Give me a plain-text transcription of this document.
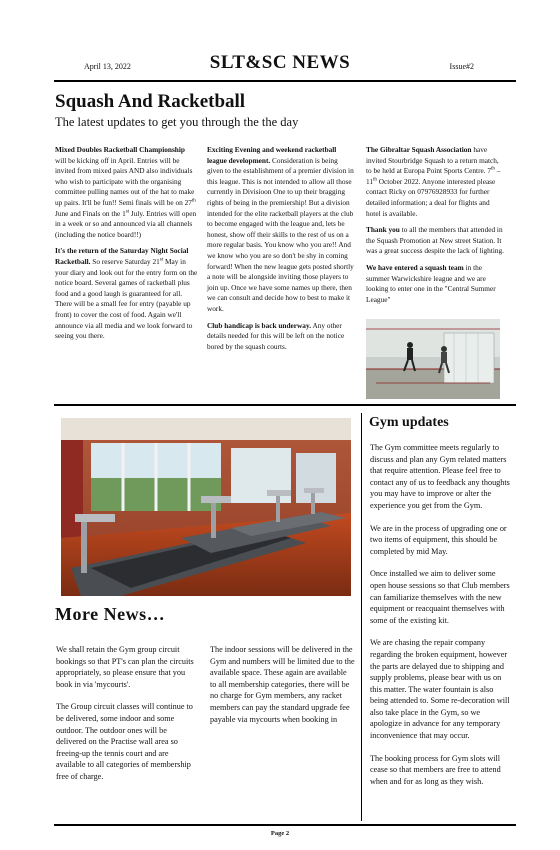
April 13, 2022	SLT&SC NEWS	Issue#2
Squash And Racketball
The latest updates to get you through the the day

Mixed Doubles Racketball Championship will be kicking off in April. Entries will be invited from mixed pairs AND also individuals who wish to participate with the organising committee pulling names out of the hat to make up pairs. It'll be fun!! Semi finals will be on 27th June and Finals on the 1st July. Entries will open in a week or so and announced via all channels (including the notice board!!)

It's the return of the Saturday Night Social Racketball. So reserve Saturday 21st May in your diary and look out for the entry form on the notice board. Several games of racketball plus food and a good laugh is guaranteed for all. There will be a small fee for entry (payable up front) to cover the cost of food. Again we'll announce via all media and we look forward to seeing you there.

Exciting Evening and weekend racketball league development. Consideration is being given to the establishment of a premier division in this league. This is not intended to allow all those currently in Divisioon One to up their bragging rights of being in the premiership! But a division intended for the elite racketball players at the club to become engaged with the league and, lets be honest, show off their skills to the rest of us on a more regular basis. You know who you are!! And we know who you are so don't be shy in coming forward! When the new league gets posted shortly a note will be alongside inviting those players to join up. Once we have some names up there, then we can consult and decide how to best to make it work.

Club handicap is back underway. Any other details needed for this will be left on the notice bored by the squash courts.

The Gibraltar Squash Association have invited Stourbridge Squash to a return match, to be held at Europa Point Sports Centre. 7th – 11th October 2022. Anyone interested please contact Ricky on 07976928933 for further detailed information; a deal for flights and hotel is available.

Thank you to all the members that attended in the Squash Promotion at New street Station. It was a great success despite the lack of lighting.

We have entered a squash team in the summer Warwickshire league and we are looking to enter one in the "Central Summer League"

Gym updates

The Gym committee meets regularly to discuss and plan any Gym related matters that require attention. Please feel free to contact any of us to feedback any thoughts you may have to improve or alter the experience you get from the Gym.

We are in the process of upgrading one or two items of equipment, this should be completed by mid May.

Once installed we aim to deliver some open house sessions so that Club members can familiarize themselves with the new equipment or reacquaint themselves with some of the existing kit.

We are chasing the repair company regarding the broken equipment, however the parts are delayed due to shipping and supply problems, please bear with us on this matter. The water fountain is also being attended to. Some re-decoration will also take place in the Gym, so we apologize in advance for any temporary inconvenience that may occur.

The booking process for Gym slots will cease so that members are free to attend when and for as long as they wish.

More News…

We shall retain the Gym group circuit bookings so that PT's can plan the circuits appropriately, so please ensure that you book in via 'mycourts'.

The Group circuit classes will continue to be delivered, some indoor and some outdoor. The outdoor ones will be delivered on the Practise wall area so freeing-up the tennis court and are available to all categories of membership free of charge.

The indoor sessions will be delivered in the Gym and numbers will be limited due to the available space. These again are available to all membership categories, there will be no charge for Gym members, any racket members can pay the standard upgrade fee payable via mycourts when booking in

Page 2
